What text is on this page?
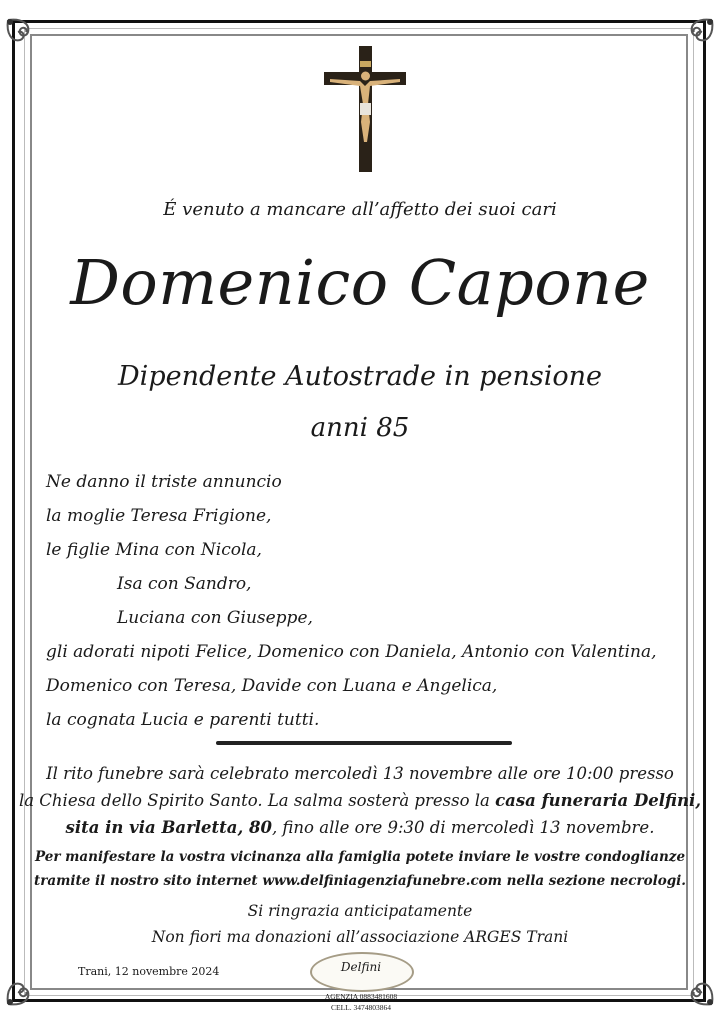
É venuto a mancare all’affetto dei suoi cari
Domenico Capone
Dipendente Autostrade in pensione
anni 85
Ne danno il triste annuncio
la moglie Teresa Frigione,
le figlie Mina con Nicola,
Isa con Sandro,
Luciana con Giuseppe,
gli adorati nipoti Felice, Domenico con Daniela, Antonio con Valentina,
Domenico con Teresa, Davide con Luana e Angelica,
la cognata Lucia e parenti tutti.
Il rito funebre sarà celebrato mercoledì 13 novembre alle ore 10:00 presso
la Chiesa dello Spirito Santo. La salma sosterà presso la casa funeraria Delfini,
sita in via Barletta, 80, fino alle ore 9:30 di mercoledì 13 novembre.
Per manifestare la vostra vicinanza alla famiglia potete inviare le vostre condoglianze
tramite il nostro sito internet www.delfiniagenziafunebre.com nella sezione necrologi.
Si ringrazia anticipatamente
Non fiori ma donazioni all’associazione ARGES Trani
Trani, 12 novembre 2024	Delfini
AGENZIA 0883481608
CELL. 3474803864
